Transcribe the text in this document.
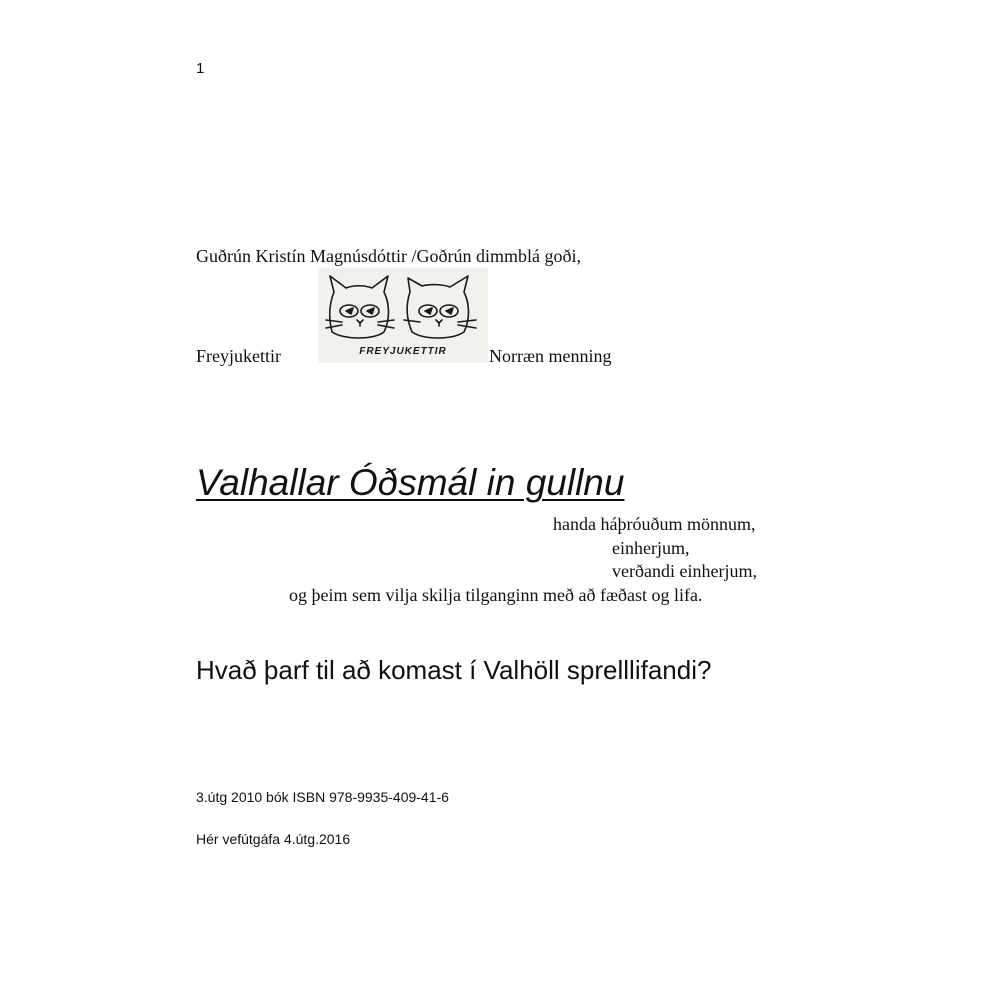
1
Guðrún Kristín Magnúsdóttir /Goðrún dimmblá goði,
Freyjukettir	FREYJUKETTIR Norræn menning
Valhallar Óðsmál in gullnu
handa háþróuðum mönnum,
einherjum,
verðandi einherjum,
og þeim sem vilja skilja tilganginn með að fæðast og lifa.
Hvað þarf til að komast í Valhöll sprelllifandi?
3.útg 2010 bók ISBN 978-9935-409-41-6
Hér vefútgáfa 4.útg.2016
